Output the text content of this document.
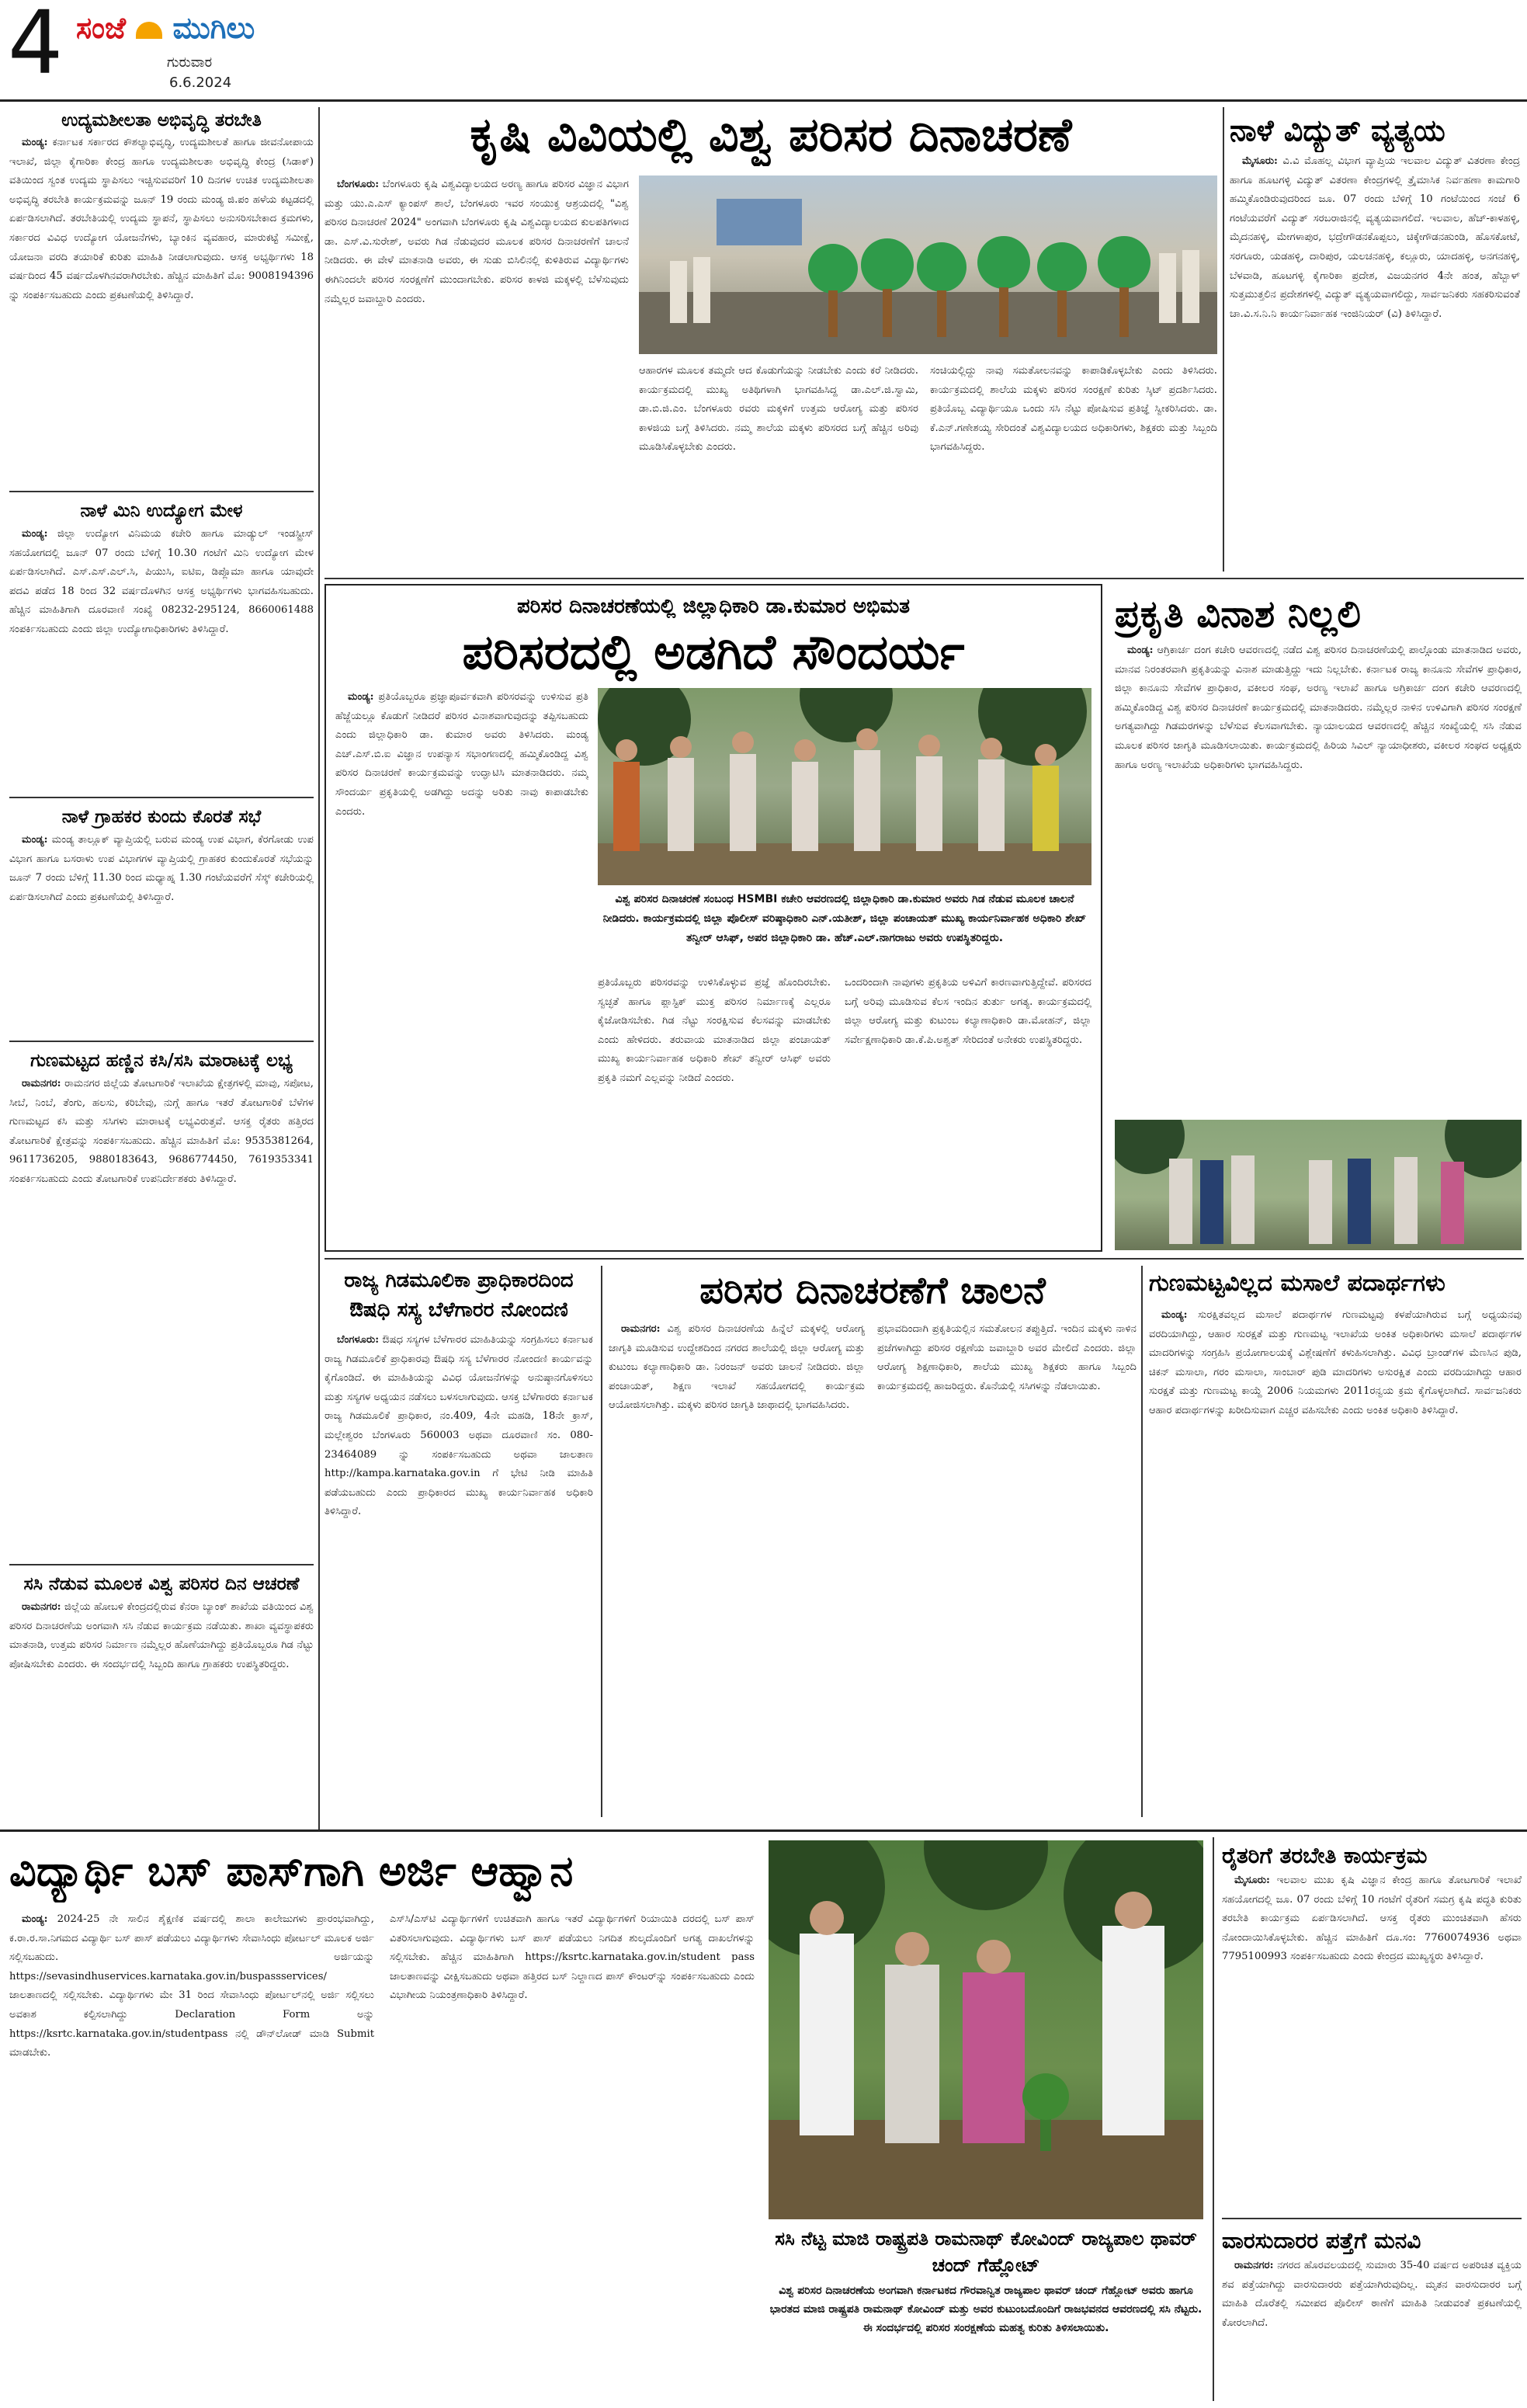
4 ಸಂಜೆ ಮುಗಿಲು
ಗುರುವಾರ
6.6.2024
ಉದ್ಯಮಶೀಲತಾ ಅಭಿವೃದ್ಧಿ ತರಬೇತಿ

ಮಂಡ್ಯ: ಕರ್ನಾಟಕ ಸರ್ಕಾರದ ಕೌಶಲ್ಯಾಭಿವೃದ್ಧಿ, ಉದ್ಯಮಶೀಲತೆ ಹಾಗೂ ಜೀವನೋಪಾಯ ಇಲಾಖೆ, ಜಿಲ್ಲಾ ಕೈಗಾರಿಕಾ ಕೇಂದ್ರ ಹಾಗೂ ಉದ್ಯಮಶೀಲತಾ ಅಭಿವೃದ್ಧಿ ಕೇಂದ್ರ (ಸಿಡಾಕ್) ವತಿಯಿಂದ ಸ್ವಂತ ಉದ್ಯಮ ಸ್ಥಾಪಿಸಲು ಇಚ್ಚಿಸುವವರಿಗೆ 10 ದಿನಗಳ ಉಚಿತ ಉದ್ಯಮಶೀಲತಾ ಅಭಿವೃದ್ಧಿ ತರಬೇತಿ ಕಾರ್ಯಕ್ರಮವನ್ನು ಜೂನ್ 19 ರಂದು ಮಂಡ್ಯ ಜಿ.ಪಂ ಹಳೆಯ ಕಟ್ಟಡದಲ್ಲಿ ಏರ್ಪಡಿಸಲಾಗಿದೆ. ತರಬೇತಿಯಲ್ಲಿ ಉದ್ಯಮ ಸ್ಥಾಪನೆ, ಸ್ಥಾಪಿಸಲು ಅನುಸರಿಸಬೇಕಾದ ಕ್ರಮಗಳು, ಸರ್ಕಾರದ ವಿವಿಧ ಉದ್ಯೋಗ ಯೋಜನೆಗಳು, ಬ್ಯಾಂಕಿನ ವ್ಯವಹಾರ, ಮಾರುಕಟ್ಟೆ ಸಮೀಕ್ಷೆ, ಯೋಜನಾ ವರದಿ ತಯಾರಿಕೆ ಕುರಿತು ಮಾಹಿತಿ ನೀಡಲಾಗುವುದು. ಆಸಕ್ತ ಅಭ್ಯರ್ಥಿಗಳು 18 ವರ್ಷದಿಂದ 45 ವರ್ಷದೊಳಗಿನವರಾಗಿರಬೇಕು. ಹೆಚ್ಚಿನ ಮಾಹಿತಿಗೆ ಮೊ: 9008194396 ನ್ನು ಸಂಪರ್ಕಿಸಬಹುದು ಎಂದು ಪ್ರಕಟಣೆಯಲ್ಲಿ ತಿಳಿಸಿದ್ದಾರೆ.

ನಾಳೆ ಮಿನಿ ಉದ್ಯೋಗ ಮೇಳ

ಮಂಡ್ಯ: ಜಿಲ್ಲಾ ಉದ್ಯೋಗ ವಿನಿಮಯ ಕಚೇರಿ ಹಾಗೂ ಮಾಡ್ಯುಲ್ ಇಂಡಸ್ಟ್ರೀಸ್ ಸಹಯೋಗದಲ್ಲಿ ಜೂನ್ 07 ರಂದು ಬೆಳಿಗ್ಗೆ 10.30 ಗಂಟೆಗೆ ಮಿನಿ ಉದ್ಯೋಗ ಮೇಳ ಏರ್ಪಡಿಸಲಾಗಿದೆ. ಎಸ್.ಎಸ್.ಎಲ್.ಸಿ, ಪಿಯುಸಿ, ಐಟಿಐ, ಡಿಪ್ಲೊಮಾ ಹಾಗೂ ಯಾವುದೇ ಪದವಿ ಪಡೆದ 18 ರಿಂದ 32 ವರ್ಷದೊಳಗಿನ ಆಸಕ್ತ ಅಭ್ಯರ್ಥಿಗಳು ಭಾಗವಹಿಸಬಹುದು. ಹೆಚ್ಚಿನ ಮಾಹಿತಿಗಾಗಿ ದೂರವಾಣಿ ಸಂಖ್ಯೆ 08232-295124, 8660061488 ಸಂಪರ್ಕಿಸಬಹುದು ಎಂದು ಜಿಲ್ಲಾ ಉದ್ಯೋಗಾಧಿಕಾರಿಗಳು ತಿಳಿಸಿದ್ದಾರೆ.

ನಾಳೆ ಗ್ರಾಹಕರ ಕುಂದು ಕೊರತೆ ಸಭೆ

ಮಂಡ್ಯ: ಮಂಡ್ಯ ತಾಲ್ಲೂಕ್ ವ್ಯಾಪ್ತಿಯಲ್ಲಿ ಬರುವ ಮಂಡ್ಯ ಉಪ ವಿಭಾಗ, ಕೆರಗೋಡು ಉಪ ವಿಭಾಗ ಹಾಗೂ ಬಸರಾಳು ಉಪ ವಿಭಾಗಗಳ ವ್ಯಾಪ್ತಿಯಲ್ಲಿ ಗ್ರಾಹಕರ ಕುಂದುಕೊರತೆ ಸಭೆಯನ್ನು ಜೂನ್ 7 ರಂದು ಬೆಳಿಗ್ಗೆ 11.30 ರಿಂದ ಮಧ್ಯಾಹ್ನ 1.30 ಗಂಟೆಯವರೆಗೆ ಸೆಸ್ಕ್ ಕಚೇರಿಯಲ್ಲಿ ಏರ್ಪಡಿಸಲಾಗಿದೆ ಎಂದು ಪ್ರಕಟಣೆಯಲ್ಲಿ ತಿಳಿಸಿದ್ದಾರೆ.

ಗುಣಮಟ್ಟದ ಹಣ್ಣಿನ ಕಸಿ/ಸಸಿ ಮಾರಾಟಕ್ಕೆ ಲಭ್ಯ

ರಾಮನಗರ: ರಾಮನಗರ ಜಿಲ್ಲೆಯ ತೋಟಗಾರಿಕೆ ಇಲಾಖೆಯ ಕ್ಷೇತ್ರಗಳಲ್ಲಿ ಮಾವು, ಸಪೋಟ, ಸೀಬೆ, ನಿಂಬೆ, ತೆಂಗು, ಹಲಸು, ಕರಿಬೇವು, ನುಗ್ಗೆ ಹಾಗೂ ಇತರೆ ತೋಟಗಾರಿಕೆ ಬೆಳೆಗಳ ಗುಣಮಟ್ಟದ ಕಸಿ ಮತ್ತು ಸಸಿಗಳು ಮಾರಾಟಕ್ಕೆ ಲಭ್ಯವಿರುತ್ತವೆ. ಆಸಕ್ತ ರೈತರು ಹತ್ತಿರದ ತೋಟಗಾರಿಕೆ ಕ್ಷೇತ್ರವನ್ನು ಸಂಪರ್ಕಿಸಬಹುದು. ಹೆಚ್ಚಿನ ಮಾಹಿತಿಗೆ ಮೊ: 9535381264, 9611736205, 9880183643, 9686774450, 7619353341 ಸಂಪರ್ಕಿಸಬಹುದು ಎಂದು ತೋಟಗಾರಿಕೆ ಉಪನಿರ್ದೇಶಕರು ತಿಳಿಸಿದ್ದಾರೆ.

ಸಸಿ ನೆಡುವ ಮೂಲಕ ವಿಶ್ವ ಪರಿಸರ ದಿನ ಆಚರಣೆ

ರಾಮನಗರ: ಜಿಲ್ಲೆಯ ಹೋಬಳಿ ಕೇಂದ್ರದಲ್ಲಿರುವ ಕೆನರಾ ಬ್ಯಾಂಕ್ ಶಾಖೆಯ ವತಿಯಿಂದ ವಿಶ್ವ ಪರಿಸರ ದಿನಾಚರಣೆಯ ಅಂಗವಾಗಿ ಸಸಿ ನೆಡುವ ಕಾರ್ಯಕ್ರಮ ನಡೆಯಿತು. ಶಾಖಾ ವ್ಯವಸ್ಥಾಪಕರು ಮಾತನಾಡಿ, ಉತ್ತಮ ಪರಿಸರ ನಿರ್ಮಾಣ ನಮ್ಮೆಲ್ಲರ ಹೊಣೆಯಾಗಿದ್ದು ಪ್ರತಿಯೊಬ್ಬರೂ ಗಿಡ ನೆಟ್ಟು ಪೋಷಿಸಬೇಕು ಎಂದರು. ಈ ಸಂದರ್ಭದಲ್ಲಿ ಸಿಬ್ಬಂದಿ ಹಾಗೂ ಗ್ರಾಹಕರು ಉಪಸ್ಥಿತರಿದ್ದರು.

ಕೃಷಿ ವಿವಿಯಲ್ಲಿ ವಿಶ್ವ ಪರಿಸರ ದಿನಾಚರಣೆ

ಬೆಂಗಳೂರು: ಬೆಂಗಳೂರು ಕೃಷಿ ವಿಶ್ವವಿದ್ಯಾಲಯದ ಅರಣ್ಯ ಹಾಗೂ ಪರಿಸರ ವಿಜ್ಞಾನ ವಿಭಾಗ ಮತ್ತು ಯು.ಎ.ಎಸ್ ಕ್ಯಾಂಪಸ್ ಶಾಲೆ, ಬೆಂಗಳೂರು ಇವರ ಸಂಯುಕ್ತ ಆಶ್ರಯದಲ್ಲಿ "ವಿಶ್ವ ಪರಿಸರ ದಿನಾಚರಣೆ 2024" ಅಂಗವಾಗಿ ಬೆಂಗಳೂರು ಕೃಷಿ ವಿಶ್ವವಿದ್ಯಾಲಯದ ಕುಲಪತಿಗಳಾದ ಡಾ. ಎಸ್.ವಿ.ಸುರೇಶ್, ಅವರು ಗಿಡ ನೆಡುವುದರ ಮೂಲಕ ಪರಿಸರ ದಿನಾಚರಣೆಗೆ ಚಾಲನೆ ನೀಡಿದರು. ಈ ವೇಳೆ ಮಾತನಾಡಿ ಅವರು, ಈ ಸುಡು ಬಿಸಿಲಿನಲ್ಲಿ ಕುಳಿತಿರುವ ವಿದ್ಯಾರ್ಥಿಗಳು ಈಗಿನಿಂದಲೇ ಪರಿಸರ ಸಂರಕ್ಷಣೆಗೆ ಮುಂದಾಗಬೇಕು. ಪರಿಸರ ಕಾಳಜಿ ಮಕ್ಕಳಲ್ಲಿ ಬೆಳೆಸುವುದು ನಮ್ಮೆಲ್ಲರ ಜವಾಬ್ದಾರಿ ಎಂದರು.

ಆಹಾರಗಳ ಮೂಲಕ ತಮ್ಮದೇ ಆದ ಕೊಡುಗೆಯನ್ನು ನೀಡಬೇಕು ಎಂದು ಕರೆ ನೀಡಿದರು. ಕಾರ್ಯಕ್ರಮದಲ್ಲಿ ಮುಖ್ಯ ಅತಿಥಿಗಳಾಗಿ ಭಾಗವಹಿಸಿದ್ದ ಡಾ.ಎಲ್.ಜಿ.ಸ್ವಾಮಿ, ಡಾ.ಬಿ.ಜಿ.ಎಂ. ಬೆಂಗಳೂರು ರವರು ಮಕ್ಕಳಿಗೆ ಉತ್ತಮ ಆರೋಗ್ಯ ಮತ್ತು ಪರಿಸರ ಕಾಳಜಿಯ ಬಗ್ಗೆ ತಿಳಿಸಿದರು. ನಮ್ಮ ಶಾಲೆಯ ಮಕ್ಕಳು ಪರಿಸರದ ಬಗ್ಗೆ ಹೆಚ್ಚಿನ ಅರಿವು ಮೂಡಿಸಿಕೊಳ್ಳಬೇಕು ಎಂದರು.
ಸಂಚಿಯಲ್ಲಿದ್ದು ನಾವು ಸಮತೋಲನವನ್ನು ಕಾಪಾಡಿಕೊಳ್ಳಬೇಕು ಎಂದು ತಿಳಿಸಿದರು. ಕಾರ್ಯಕ್ರಮದಲ್ಲಿ ಶಾಲೆಯ ಮಕ್ಕಳು ಪರಿಸರ ಸಂರಕ್ಷಣೆ ಕುರಿತು ಸ್ಕಿಟ್ ಪ್ರದರ್ಶಿಸಿದರು. ಪ್ರತಿಯೊಬ್ಬ ವಿದ್ಯಾರ್ಥಿಯೂ ಒಂದು ಸಸಿ ನೆಟ್ಟು ಪೋಷಿಸುವ ಪ್ರತಿಜ್ಞೆ ಸ್ವೀಕರಿಸಿದರು. ಡಾ. ಕೆ.ಎನ್.ಗಣೇಶಯ್ಯ ಸೇರಿದಂತೆ ವಿಶ್ವವಿದ್ಯಾಲಯದ ಅಧಿಕಾರಿಗಳು, ಶಿಕ್ಷಕರು ಮತ್ತು ಸಿಬ್ಬಂದಿ ಭಾಗವಹಿಸಿದ್ದರು.
ನಾಳೆ ವಿದ್ಯುತ್ ವ್ಯತ್ಯಯ

ಮೈಸೂರು: ವಿ.ವಿ ಮೊಹಲ್ಲ ವಿಭಾಗ ವ್ಯಾಪ್ತಿಯ ಇಲವಾಲ ವಿದ್ಯುತ್ ವಿತರಣಾ ಕೇಂದ್ರ ಹಾಗೂ ಹೂಟಗಳ್ಳಿ ವಿದ್ಯುತ್ ವಿತರಣಾ ಕೇಂದ್ರಗಳಲ್ಲಿ ತ್ರೈಮಾಸಿಕ ನಿರ್ವಹಣಾ ಕಾಮಗಾರಿ ಹಮ್ಮಿಕೊಂಡಿರುವುದರಿಂದ ಜೂ. 07 ರಂದು ಬೆಳಿಗ್ಗೆ 10 ಗಂಟೆಯಿಂದ ಸಂಜೆ 6 ಗಂಟೆಯವರೆಗೆ ವಿದ್ಯುತ್ ಸರಬರಾಜಿನಲ್ಲಿ ವ್ಯತ್ಯಯವಾಗಲಿದೆ. ಇಲವಾಲ, ಹೆಚ್-ಕಾಳಹಳ್ಳಿ, ಮೈದನಹಳ್ಳಿ, ಮೇಗಳಾಪುರ, ಭದ್ರೇಗೌಡನಕೊಪ್ಪಲು, ಚಿಕ್ಕೇಗೌಡನಹುಂಡಿ, ಹೊಸಕೋಟೆ, ಸರಗೂರು, ಯಡಹಳ್ಳಿ, ದಾರಿಪುರ, ಯಲಚನಹಳ್ಳಿ, ಕಲ್ಲೂರು, ಯಾದಹಳ್ಳಿ, ಅನಗನಹಳ್ಳಿ, ಬೆಳವಾಡಿ, ಹೂಟಗಳ್ಳಿ ಕೈಗಾರಿಕಾ ಪ್ರದೇಶ, ವಿಜಯನಗರ 4ನೇ ಹಂತ, ಹೆಬ್ಬಾಳ್ ಸುತ್ತಮುತ್ತಲಿನ ಪ್ರದೇಶಗಳಲ್ಲಿ ವಿದ್ಯುತ್ ವ್ಯತ್ಯಯವಾಗಲಿದ್ದು, ಸಾರ್ವಜನಿಕರು ಸಹಕರಿಸುವಂತೆ ಚಾ.ವಿ.ಸ.ನಿ.ನಿ ಕಾರ್ಯನಿರ್ವಾಹಕ ಇಂಜಿನಿಯರ್ (ವಿ) ತಿಳಿಸಿದ್ದಾರೆ.

ಪರಿಸರ ದಿನಾಚರಣೆಯಲ್ಲಿ ಜಿಲ್ಲಾಧಿಕಾರಿ ಡಾ.ಕುಮಾರ ಅಭಿಮತ
ಪರಿಸರದಲ್ಲಿ ಅಡಗಿದೆ ಸೌಂದರ್ಯ

ಮಂಡ್ಯ: ಪ್ರತಿಯೊಬ್ಬರೂ ಪ್ರಜ್ಞಾಪೂರ್ವಕವಾಗಿ ಪರಿಸರವನ್ನು ಉಳಿಸುವ ಪ್ರತಿ ಹೆಜ್ಜೆಯಲ್ಲೂ ಕೊಡುಗೆ ನೀಡಿದರೆ ಪರಿಸರ ವಿನಾಶವಾಗುವುದನ್ನು ತಪ್ಪಿಸಬಹುದು ಎಂದು ಜಿಲ್ಲಾಧಿಕಾರಿ ಡಾ. ಕುಮಾರ ಅವರು ತಿಳಿಸಿದರು. ಮಂಡ್ಯ ಎಚ್.ಎಸ್.ಬಿ.ಐ ವಿಜ್ಞಾನ ಉಪನ್ಯಾಸ ಸಭಾಂಗಣದಲ್ಲಿ ಹಮ್ಮಿಕೊಂಡಿದ್ದ ವಿಶ್ವ ಪರಿಸರ ದಿನಾಚರಣೆ ಕಾರ್ಯಕ್ರಮವನ್ನು ಉದ್ಘಾಟಿಸಿ ಮಾತನಾಡಿದರು. ನಮ್ಮ ಸೌಂದರ್ಯ ಪ್ರಕೃತಿಯಲ್ಲಿ ಅಡಗಿದ್ದು ಅದನ್ನು ಅರಿತು ನಾವು ಕಾಪಾಡಬೇಕು ಎಂದರು.

ವಿಶ್ವ ಪರಿಸರ ದಿನಾಚರಣೆ ಸಂಬಂಧ HSMBI ಕಚೇರಿ ಆವರಣದಲ್ಲಿ ಜಿಲ್ಲಾಧಿಕಾರಿ ಡಾ.ಕುಮಾರ ಅವರು ಗಿಡ ನೆಡುವ ಮೂಲಕ ಚಾಲನೆ ನೀಡಿದರು. ಕಾರ್ಯಕ್ರಮದಲ್ಲಿ ಜಿಲ್ಲಾ ಪೊಲೀಸ್ ವರಿಷ್ಠಾಧಿಕಾರಿ ಎನ್.ಯತೀಶ್, ಜಿಲ್ಲಾ ಪಂಚಾಯತ್ ಮುಖ್ಯ ಕಾರ್ಯನಿರ್ವಾಹಕ ಅಧಿಕಾರಿ ಶೇಖ್ ತನ್ವೀರ್ ಆಸಿಫ್, ಅಪರ ಜಿಲ್ಲಾಧಿಕಾರಿ ಡಾ. ಹೆಚ್.ಎಲ್.ನಾಗರಾಜು ಅವರು ಉಪಸ್ಥಿತರಿದ್ದರು.
ಪ್ರತಿಯೊಬ್ಬರು ಪರಿಸರವನ್ನು ಉಳಿಸಿಕೊಳ್ಳುವ ಪ್ರಜ್ಞೆ ಹೊಂದಿರಬೇಕು. ಸ್ವಚ್ಛತೆ ಹಾಗೂ ಪ್ಲಾಸ್ಟಿಕ್ ಮುಕ್ತ ಪರಿಸರ ನಿರ್ಮಾಣಕ್ಕೆ ಎಲ್ಲರೂ ಕೈಜೋಡಿಸಬೇಕು. ಗಿಡ ನೆಟ್ಟು ಸಂರಕ್ಷಿಸುವ ಕೆಲಸವನ್ನು ಮಾಡಬೇಕು ಎಂದು ಹೇಳಿದರು. ತರುವಾಯ ಮಾತನಾಡಿದ ಜಿಲ್ಲಾ ಪಂಚಾಯತ್ ಮುಖ್ಯ ಕಾರ್ಯನಿರ್ವಾಹಕ ಅಧಿಕಾರಿ ಶೇಖ್ ತನ್ವೀರ್ ಆಸಿಫ್ ಅವರು ಪ್ರಕೃತಿ ನಮಗೆ ಎಲ್ಲವನ್ನು ನೀಡಿದೆ ಎಂದರು.
ಒಂದರಿಂದಾಗಿ ನಾವುಗಳು ಪ್ರಕೃತಿಯ ಅಳಿವಿಗೆ ಕಾರಣವಾಗುತ್ತಿದ್ದೇವೆ. ಪರಿಸರದ ಬಗ್ಗೆ ಅರಿವು ಮೂಡಿಸುವ ಕೆಲಸ ಇಂದಿನ ತುರ್ತು ಅಗತ್ಯ. ಕಾರ್ಯಕ್ರಮದಲ್ಲಿ ಜಿಲ್ಲಾ ಆರೋಗ್ಯ ಮತ್ತು ಕುಟುಂಬ ಕಲ್ಯಾಣಾಧಿಕಾರಿ ಡಾ.ಮೋಹನ್, ಜಿಲ್ಲಾ ಸರ್ವೇಕ್ಷಣಾಧಿಕಾರಿ ಡಾ.ಕೆ.ಪಿ.ಅಶ್ವತ್ ಸೇರಿದಂತೆ ಅನೇಕರು ಉಪಸ್ಥಿತರಿದ್ದರು.
ಪ್ರಕೃತಿ ವಿನಾಶ ನಿಲ್ಲಲಿ

ಮಂಡ್ಯ: ಆಗ್ರಿಕಾರ್ಚ ದಂಗ ಕಚೇರಿ ಆವರಣದಲ್ಲಿ ನಡೆದ ವಿಶ್ವ ಪರಿಸರ ದಿನಾಚರಣೆಯಲ್ಲಿ ಪಾಲ್ಗೊಂಡು ಮಾತನಾಡಿದ ಅವರು, ಮಾನವ ನಿರಂತರವಾಗಿ ಪ್ರಕೃತಿಯನ್ನು ವಿನಾಶ ಮಾಡುತ್ತಿದ್ದು ಇದು ನಿಲ್ಲಬೇಕು. ಕರ್ನಾಟಕ ರಾಜ್ಯ ಕಾನೂನು ಸೇವೆಗಳ ಪ್ರಾಧಿಕಾರ, ಜಿಲ್ಲಾ ಕಾನೂನು ಸೇವೆಗಳ ಪ್ರಾಧಿಕಾರ, ವಕೀಲರ ಸಂಘ, ಅರಣ್ಯ ಇಲಾಖೆ ಹಾಗೂ ಅಗ್ರಿಕಾರ್ಚ ದಂಗ ಕಚೇರಿ ಆವರಣದಲ್ಲಿ ಹಮ್ಮಿಕೊಂಡಿದ್ದ ವಿಶ್ವ ಪರಿಸರ ದಿನಾಚರಣೆ ಕಾರ್ಯಕ್ರಮದಲ್ಲಿ ಮಾತನಾಡಿದರು. ನಮ್ಮೆಲ್ಲರ ನಾಳಿನ ಉಳಿವಿಗಾಗಿ ಪರಿಸರ ಸಂರಕ್ಷಣೆ ಅಗತ್ಯವಾಗಿದ್ದು ಗಿಡಮರಗಳನ್ನು ಬೆಳೆಸುವ ಕೆಲಸವಾಗಬೇಕು. ನ್ಯಾಯಾಲಯದ ಆವರಣದಲ್ಲಿ ಹೆಚ್ಚಿನ ಸಂಖ್ಯೆಯಲ್ಲಿ ಸಸಿ ನೆಡುವ ಮೂಲಕ ಪರಿಸರ ಜಾಗೃತಿ ಮೂಡಿಸಲಾಯಿತು. ಕಾರ್ಯಕ್ರಮದಲ್ಲಿ ಹಿರಿಯ ಸಿವಿಲ್ ನ್ಯಾಯಾಧೀಶರು, ವಕೀಲರ ಸಂಘದ ಅಧ್ಯಕ್ಷರು ಹಾಗೂ ಅರಣ್ಯ ಇಲಾಖೆಯ ಅಧಿಕಾರಿಗಳು ಭಾಗವಹಿಸಿದ್ದರು.

ರಾಜ್ಯ ಗಿಡಮೂಲಿಕಾ ಪ್ರಾಧಿಕಾರದಿಂದ ಔಷಧಿ ಸಸ್ಯ ಬೆಳೆಗಾರರ ನೋಂದಣಿ

ಬೆಂಗಳೂರು: ಔಷಧ ಸಸ್ಯಗಳ ಬೆಳೆಗಾರರ ಮಾಹಿತಿಯನ್ನು ಸಂಗ್ರಹಿಸಲು ಕರ್ನಾಟಕ ರಾಜ್ಯ ಗಿಡಮೂಲಿಕೆ ಪ್ರಾಧಿಕಾರವು ಔಷಧಿ ಸಸ್ಯ ಬೆಳೆಗಾರರ ನೋಂದಣಿ ಕಾರ್ಯವನ್ನು ಕೈಗೊಂಡಿದೆ. ಈ ಮಾಹಿತಿಯನ್ನು ವಿವಿಧ ಯೋಜನೆಗಳನ್ನು ಅನುಷ್ಠಾನಗೊಳಿಸಲು ಮತ್ತು ಸಸ್ಯಗಳ ಅಧ್ಯಯನ ನಡೆಸಲು ಬಳಸಲಾಗುವುದು. ಆಸಕ್ತ ಬೆಳೆಗಾರರು ಕರ್ನಾಟಕ ರಾಜ್ಯ ಗಿಡಮೂಲಿಕೆ ಪ್ರಾಧಿಕಾರ, ನಂ.409, 4ನೇ ಮಹಡಿ, 18ನೇ ಕ್ರಾಸ್, ಮಲ್ಲೇಶ್ವರಂ ಬೆಂಗಳೂರು 560003 ಅಥವಾ ದೂರವಾಣಿ ಸಂ. 080-23464089 ನ್ನು ಸಂಪರ್ಕಿಸಬಹುದು ಅಥವಾ ಜಾಲತಾಣ http://kampa.karnataka.gov.in ಗೆ ಭೇಟಿ ನೀಡಿ ಮಾಹಿತಿ ಪಡೆಯಬಹುದು ಎಂದು ಪ್ರಾಧಿಕಾರದ ಮುಖ್ಯ ಕಾರ್ಯನಿರ್ವಾಹಕ ಅಧಿಕಾರಿ ತಿಳಿಸಿದ್ದಾರೆ.

ಪರಿಸರ ದಿನಾಚರಣೆಗೆ ಚಾಲನೆ

ರಾಮನಗರ: ವಿಶ್ವ ಪರಿಸರ ದಿನಾಚರಣೆಯ ಹಿನ್ನೆಲೆ ಮಕ್ಕಳಲ್ಲಿ ಆರೋಗ್ಯ ಜಾಗೃತಿ ಮೂಡಿಸುವ ಉದ್ದೇಶದಿಂದ ನಗರದ ಶಾಲೆಯಲ್ಲಿ ಜಿಲ್ಲಾ ಆರೋಗ್ಯ ಮತ್ತು ಕುಟುಂಬ ಕಲ್ಯಾಣಾಧಿಕಾರಿ ಡಾ. ನಿರಂಜನ್ ಅವರು ಚಾಲನೆ ನೀಡಿದರು. ಜಿಲ್ಲಾ ಪಂಚಾಯತ್, ಶಿಕ್ಷಣ ಇಲಾಖೆ ಸಹಯೋಗದಲ್ಲಿ ಕಾರ್ಯಕ್ರಮ ಆಯೋಜಿಸಲಾಗಿತ್ತು. ಮಕ್ಕಳು ಪರಿಸರ ಜಾಗೃತಿ ಜಾಥಾದಲ್ಲಿ ಭಾಗವಹಿಸಿದರು.

ಪ್ರಭಾವದಿಂದಾಗಿ ಪ್ರಕೃತಿಯಲ್ಲಿನ ಸಮತೋಲನ ತಪ್ಪುತ್ತಿದೆ. ಇಂದಿನ ಮಕ್ಕಳು ನಾಳಿನ ಪ್ರಜೆಗಳಾಗಿದ್ದು ಪರಿಸರ ರಕ್ಷಣೆಯ ಜವಾಬ್ದಾರಿ ಅವರ ಮೇಲಿದೆ ಎಂದರು. ಜಿಲ್ಲಾ ಆರೋಗ್ಯ ಶಿಕ್ಷಣಾಧಿಕಾರಿ, ಶಾಲೆಯ ಮುಖ್ಯ ಶಿಕ್ಷಕರು ಹಾಗೂ ಸಿಬ್ಬಂದಿ ಕಾರ್ಯಕ್ರಮದಲ್ಲಿ ಹಾಜರಿದ್ದರು. ಕೊನೆಯಲ್ಲಿ ಸಸಿಗಳನ್ನು ನೆಡಲಾಯಿತು.
ಗುಣಮಟ್ಟವಿಲ್ಲದ ಮಸಾಲೆ ಪದಾರ್ಥಗಳು

ಮಂಡ್ಯ: ಸುರಕ್ಷಿತವಲ್ಲದ ಮಸಾಲೆ ಪದಾರ್ಥಗಳ ಗುಣಮಟ್ಟವು ಕಳಪೆಯಾಗಿರುವ ಬಗ್ಗೆ ಅಧ್ಯಯನವು ವರದಿಯಾಗಿದ್ದು, ಆಹಾರ ಸುರಕ್ಷತೆ ಮತ್ತು ಗುಣಮಟ್ಟ ಇಲಾಖೆಯ ಅಂಕಿತ ಅಧಿಕಾರಿಗಳು ಮಸಾಲೆ ಪದಾರ್ಥಗಳ ಮಾದರಿಗಳನ್ನು ಸಂಗ್ರಹಿಸಿ ಪ್ರಯೋಗಾಲಯಕ್ಕೆ ವಿಶ್ಲೇಷಣೆಗೆ ಕಳುಹಿಸಲಾಗಿತ್ತು. ವಿವಿಧ ಬ್ರಾಂಡ್‌ಗಳ ಮೆಣಸಿನ ಪುಡಿ, ಚಿಕನ್ ಮಸಾಲಾ, ಗರಂ ಮಸಾಲಾ, ಸಾಂಬಾರ್ ಪುಡಿ ಮಾದರಿಗಳು ಅಸುರಕ್ಷಿತ ಎಂದು ವರದಿಯಾಗಿದ್ದು ಆಹಾರ ಸುರಕ್ಷತೆ ಮತ್ತು ಗುಣಮಟ್ಟ ಕಾಯ್ದೆ 2006 ನಿಯಮಗಳು 2011ರನ್ವಯ ಕ್ರಮ ಕೈಗೊಳ್ಳಲಾಗಿದೆ. ಸಾರ್ವಜನಿಕರು ಆಹಾರ ಪದಾರ್ಥಗಳನ್ನು ಖರೀದಿಸುವಾಗ ಎಚ್ಚರ ವಹಿಸಬೇಕು ಎಂದು ಅಂಕಿತ ಅಧಿಕಾರಿ ತಿಳಿಸಿದ್ದಾರೆ.

ವಿದ್ಯಾರ್ಥಿ ಬಸ್ ಪಾಸ್‌ಗಾಗಿ ಅರ್ಜಿ ಆಹ್ವಾನ

ಮಂಡ್ಯ: 2024-25 ನೇ ಸಾಲಿನ ಶೈಕ್ಷಣಿಕ ವರ್ಷದಲ್ಲಿ ಶಾಲಾ ಕಾಲೇಜುಗಳು ಪ್ರಾರಂಭವಾಗಿದ್ದು, ಕ.ರಾ.ರ.ಸಾ.ನಿಗಮದ ವಿದ್ಯಾರ್ಥಿ ಬಸ್ ಪಾಸ್ ಪಡೆಯಲು ವಿದ್ಯಾರ್ಥಿಗಳು ಸೇವಾಸಿಂಧು ಪೋರ್ಟಲ್ ಮೂಲಕ ಅರ್ಜಿ ಸಲ್ಲಿಸಬಹುದು. ಅರ್ಜಿಯನ್ನು https://sevasindhuservices.karnataka.gov.in/buspassservices/ ಜಾಲತಾಣದಲ್ಲಿ ಸಲ್ಲಿಸಬೇಕು. ವಿದ್ಯಾರ್ಥಿಗಳು ಮೇ 31 ರಿಂದ ಸೇವಾಸಿಂಧು ಪೋರ್ಟಲ್‌ನಲ್ಲಿ ಅರ್ಜಿ ಸಲ್ಲಿಸಲು ಅವಕಾಶ ಕಲ್ಪಿಸಲಾಗಿದ್ದು Declaration Form ಅನ್ನು https://ksrtc.karnataka.gov.in/studentpass ನಲ್ಲಿ ಡೌನ್‌ಲೋಡ್ ಮಾಡಿ Submit ಮಾಡಬೇಕು.

ಎಸ್‌ಸಿ/ಎಸ್‌ಟಿ ವಿದ್ಯಾರ್ಥಿಗಳಿಗೆ ಉಚಿತವಾಗಿ ಹಾಗೂ ಇತರೆ ವಿದ್ಯಾರ್ಥಿಗಳಿಗೆ ರಿಯಾಯಿತಿ ದರದಲ್ಲಿ ಬಸ್ ಪಾಸ್ ವಿತರಿಸಲಾಗುವುದು. ವಿದ್ಯಾರ್ಥಿಗಳು ಬಸ್ ಪಾಸ್ ಪಡೆಯಲು ನಿಗದಿತ ಶುಲ್ಕದೊಂದಿಗೆ ಅಗತ್ಯ ದಾಖಲೆಗಳನ್ನು ಸಲ್ಲಿಸಬೇಕು. ಹೆಚ್ಚಿನ ಮಾಹಿತಿಗಾಗಿ https://ksrtc.karnataka.gov.in/student pass ಜಾಲತಾಣವನ್ನು ವೀಕ್ಷಿಸಬಹುದು ಅಥವಾ ಹತ್ತಿರದ ಬಸ್ ನಿಲ್ದಾಣದ ಪಾಸ್ ಕೌಂಟರ್‌ನ್ನು ಸಂಪರ್ಕಿಸಬಹುದು ಎಂದು ವಿಭಾಗೀಯ ನಿಯಂತ್ರಣಾಧಿಕಾರಿ ತಿಳಿಸಿದ್ದಾರೆ.
ಸಸಿ ನೆಟ್ಟ ಮಾಜಿ ರಾಷ್ಟ್ರಪತಿ ರಾಮನಾಥ್ ಕೋವಿಂದ್ ರಾಜ್ಯಪಾಲ ಥಾವರ್ ಚಂದ್ ಗೆಹ್ಲೋಟ್
ವಿಶ್ವ ಪರಿಸರ ದಿನಾಚರಣೆಯ ಅಂಗವಾಗಿ ಕರ್ನಾಟಕದ ಗೌರವಾನ್ವಿತ ರಾಜ್ಯಪಾಲ ಥಾವರ್ ಚಂದ್ ಗೆಹ್ಲೋಟ್ ಅವರು ಹಾಗೂ ಭಾರತದ ಮಾಜಿ ರಾಷ್ಟ್ರಪತಿ ರಾಮನಾಥ್ ಕೋವಿಂದ್ ಮತ್ತು ಅವರ ಕುಟುಂಬದೊಂದಿಗೆ ರಾಜಭವನದ ಆವರಣದಲ್ಲಿ ಸಸಿ ನೆಟ್ಟರು. ಈ ಸಂದರ್ಭದಲ್ಲಿ ಪರಿಸರ ಸಂರಕ್ಷಣೆಯ ಮಹತ್ವ ಕುರಿತು ತಿಳಿಸಲಾಯಿತು.
ರೈತರಿಗೆ ತರಬೇತಿ ಕಾರ್ಯಕ್ರಮ

ಮೈಸೂರು: ಇಲವಾಲ ಮುಖ ಕೃಷಿ ವಿಜ್ಞಾನ ಕೇಂದ್ರ ಹಾಗೂ ತೋಟಗಾರಿಕೆ ಇಲಾಖೆ ಸಹಯೋಗದಲ್ಲಿ ಜೂ. 07 ರಂದು ಬೆಳಿಗ್ಗೆ 10 ಗಂಟೆಗೆ ರೈತರಿಗೆ ಸಮಗ್ರ ಕೃಷಿ ಪದ್ಧತಿ ಕುರಿತು ತರಬೇತಿ ಕಾರ್ಯಕ್ರಮ ಏರ್ಪಡಿಸಲಾಗಿದೆ. ಆಸಕ್ತ ರೈತರು ಮುಂಚಿತವಾಗಿ ಹೆಸರು ನೋಂದಾಯಿಸಿಕೊಳ್ಳಬೇಕು. ಹೆಚ್ಚಿನ ಮಾಹಿತಿಗೆ ದೂ.ಸಂ: 7760074936 ಅಥವಾ 7795100993 ಸಂಪರ್ಕಿಸಬಹುದು ಎಂದು ಕೇಂದ್ರದ ಮುಖ್ಯಸ್ಥರು ತಿಳಿಸಿದ್ದಾರೆ.

ವಾರಸುದಾರರ ಪತ್ತೆಗೆ ಮನವಿ

ರಾಮನಗರ: ನಗರದ ಹೊರವಲಯದಲ್ಲಿ ಸುಮಾರು 35-40 ವರ್ಷದ ಅಪರಿಚಿತ ವ್ಯಕ್ತಿಯ ಶವ ಪತ್ತೆಯಾಗಿದ್ದು ವಾರಸುದಾರರು ಪತ್ತೆಯಾಗಿರುವುದಿಲ್ಲ. ಮೃತನ ವಾರಸುದಾರರ ಬಗ್ಗೆ ಮಾಹಿತಿ ದೊರೆತಲ್ಲಿ ಸಮೀಪದ ಪೊಲೀಸ್ ಠಾಣೆಗೆ ಮಾಹಿತಿ ನೀಡುವಂತೆ ಪ್ರಕಟಣೆಯಲ್ಲಿ ಕೋರಲಾಗಿದೆ.
